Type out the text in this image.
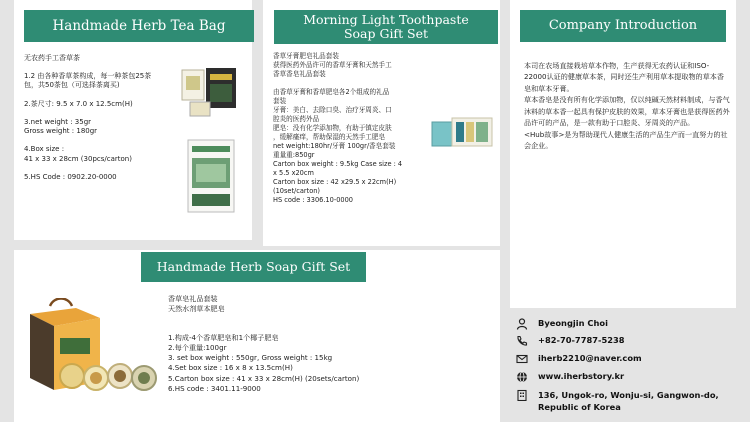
Handmade Herb Tea Bag
无农药手工香草茶
1.2 由各种香草茶构成，每一种茶包25茶
包，共50茶包（可选择茶离买)
2.茶尺寸: 9.5 x 7.0 x 12.5cm(H)
3.net weight : 35gr
Gross weight : 180gr
4.Box size :
41 x 33 x 28cm (30pcs/carton)
5.HS Code : 0902.20-0000
Morning Light Toothpaste
Soap Gift Set
香草牙膏肥皂礼品套装
获得医药外品许可的香草牙膏和天然手工
香草香皂礼品套装
由香草牙膏和香草肥皂各2个组成的礼品
套装
牙膏：美白、去除口臭、治疗牙周炎、口
腔炎的医药外品
肥皂：没有化学添加物，有助于镇定皮肤
，缓解瘙痒，帮助保湿的天然手工肥皂
net weight:180hr/牙膏 100gr/香皂套装
重量重:850gr
Carton box weight : 9.5kg Case size : 4
x 5.5 x20cm
Carton box size : 42 x29.5 x 22cm(H)
(10set/carton)
HS code : 3306.10-0000
Company Introduction

本司在农场直接栽培草本作物，生产获得无农药认证和ISO-22000认证的健康草本茶，同时还生产利用草本提取物的草本香皂和草本牙膏。

草本香皂是没有所有化学添加物，仅以纯碱天然材料制成，与香气沐料的草本香一起具有保护皮肤的效果，草本牙膏也是获得医药外品许可的产品，是一款有助于口腔炎、牙周炎的产品。

<Hub故事>是为帮助现代人健康生活的产品生产而一直努力的社会企业。

Byeongjin Choi
+82-70-7787-5238
iherb2210@naver.com
www.iherbstory.kr
136, Ungok-ro, Wonju-si, Gangwon-do,
Republic of Korea
Handmade Herb Soap Gift Set
香草皂礼品套装
天然水剂草本肥皂
1.构成-4个香草肥皂和1个椰子肥皂
2.每个重量:100gr
3. set box weight : 550gr, Gross weight : 15kg
4.Set box size : 16 x 8 x 13.5cm(H)
5.Carton box size : 41 x 33 x 28cm(H) (20sets/carton)
6.HS code : 3401.11-9000
